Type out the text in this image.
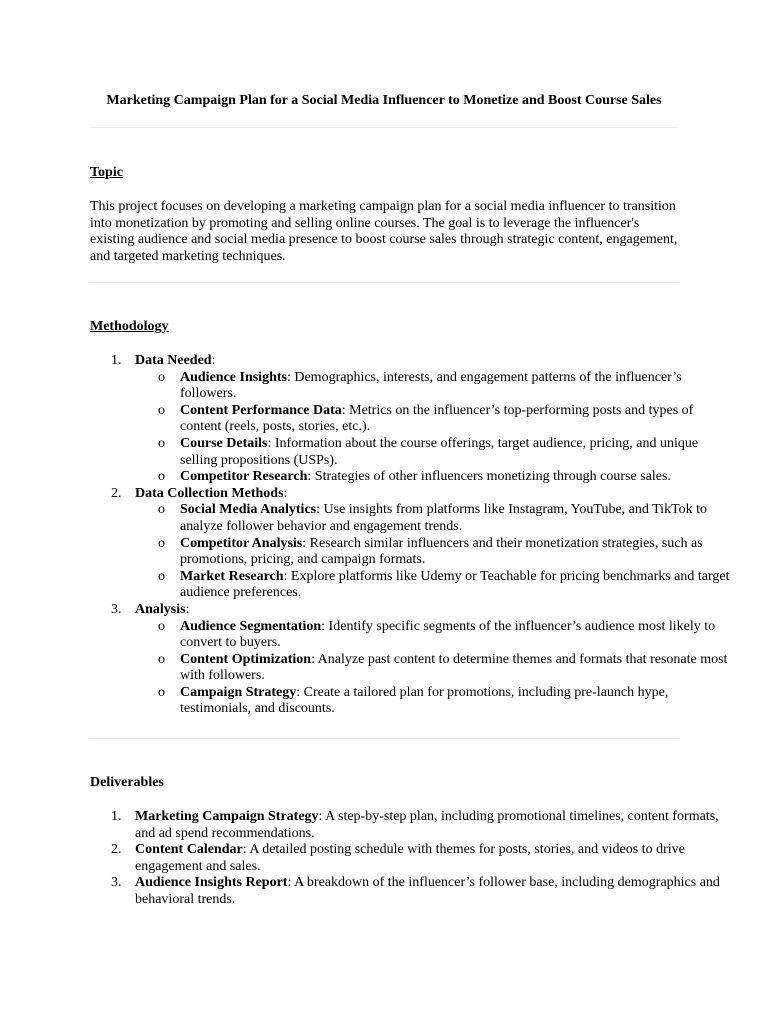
Marketing Campaign Plan for a Social Media Influencer to Monetize and Boost Course Sales
Topic
This project focuses on developing a marketing campaign plan for a social media influencer to transition into monetization by promoting and selling online courses. The goal is to leverage the influencer's existing audience and social media presence to boost course sales through strategic content, engagement, and targeted marketing techniques.
Methodology
1. Data Needed:
o Audience Insights: Demographics, interests, and engagement patterns of the influencer’s followers.
o Content Performance Data: Metrics on the influencer’s top-performing posts and types of content (reels, posts, stories, etc.).
o Course Details: Information about the course offerings, target audience, pricing, and unique selling propositions (USPs).
o Competitor Research: Strategies of other influencers monetizing through course sales.
2. Data Collection Methods:
o Social Media Analytics: Use insights from platforms like Instagram, YouTube, and TikTok to analyze follower behavior and engagement trends.
o Competitor Analysis: Research similar influencers and their monetization strategies, such as promotions, pricing, and campaign formats.
o Market Research: Explore platforms like Udemy or Teachable for pricing benchmarks and target audience preferences.
3. Analysis:
o Audience Segmentation: Identify specific segments of the influencer’s audience most likely to convert to buyers.
o Content Optimization: Analyze past content to determine themes and formats that resonate most with followers.
o Campaign Strategy: Create a tailored plan for promotions, including pre-launch hype, testimonials, and discounts.
Deliverables
1. Marketing Campaign Strategy: A step-by-step plan, including promotional timelines, content formats, and ad spend recommendations.
2. Content Calendar: A detailed posting schedule with themes for posts, stories, and videos to drive engagement and sales.
3. Audience Insights Report: A breakdown of the influencer’s follower base, including demographics and behavioral trends.
